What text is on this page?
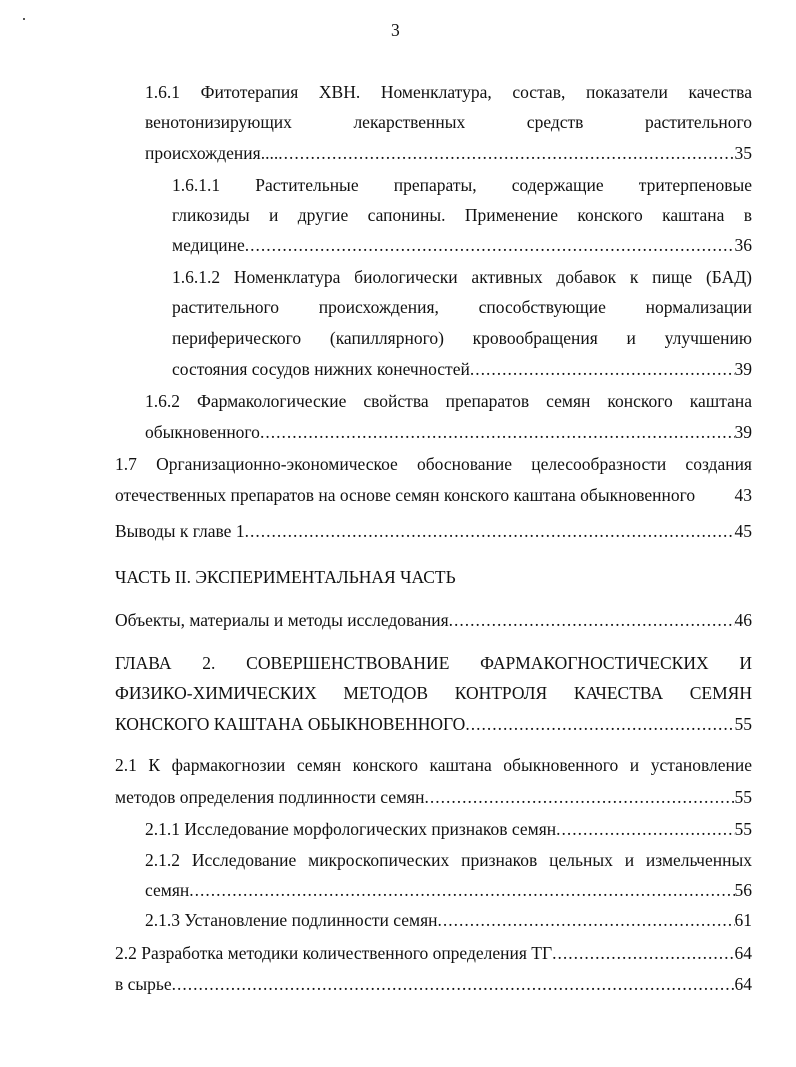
3
1.6.1 Фитотерапия ХВН. Номенклатура, состав, показатели качества
венотонизирующих лекарственных средств растительного
происхождения.... .....	35
1.6.1.1 Растительные препараты, содержащие тритерпеновые
гликозиды и другие сапонины. Применение конского каштана в
медицине .....	36
1.6.1.2 Номенклатура биологически активных добавок к пище (БАД)
растительного происхождения, способствующие нормализации
периферического (капиллярного) кровообращения и улучшению
состояния сосудов нижних конечностей .....	39
1.6.2 Фармакологические свойства препаратов семян конского каштана
обыкновенного .....	39
1.7 Организационно-экономическое обоснование целесообразности создания
отечественных препаратов на основе семян конского каштана обыкновенного 43
Выводы к главе 1 .....	45
ЧАСТЬ II. ЭКСПЕРИМЕНТАЛЬНАЯ ЧАСТЬ
Объекты, материалы и методы исследования .....	46
ГЛАВА 2. СОВЕРШЕНСТВОВАНИЕ ФАРМАКОГНОСТИЧЕСКИХ И
ФИЗИКО-ХИМИЧЕСКИХ МЕТОДОВ КОНТРОЛЯ КАЧЕСТВА СЕМЯН
КОНСКОГО КАШТАНА ОБЫКНОВЕННОГО .....	55
2.1 К фармакогнозии семян конского каштана обыкновенного и установление
методов определения подлинности семян .....	55
2.1.1 Исследование морфологических признаков семян .....	55
2.1.2 Исследование микроскопических признаков цельных и измельченных
семян .....	56
2.1.3 Установление подлинности семян .....	61
2.2 Разработка методики количественного определения ТГ .....	64
в сырье .....	64
